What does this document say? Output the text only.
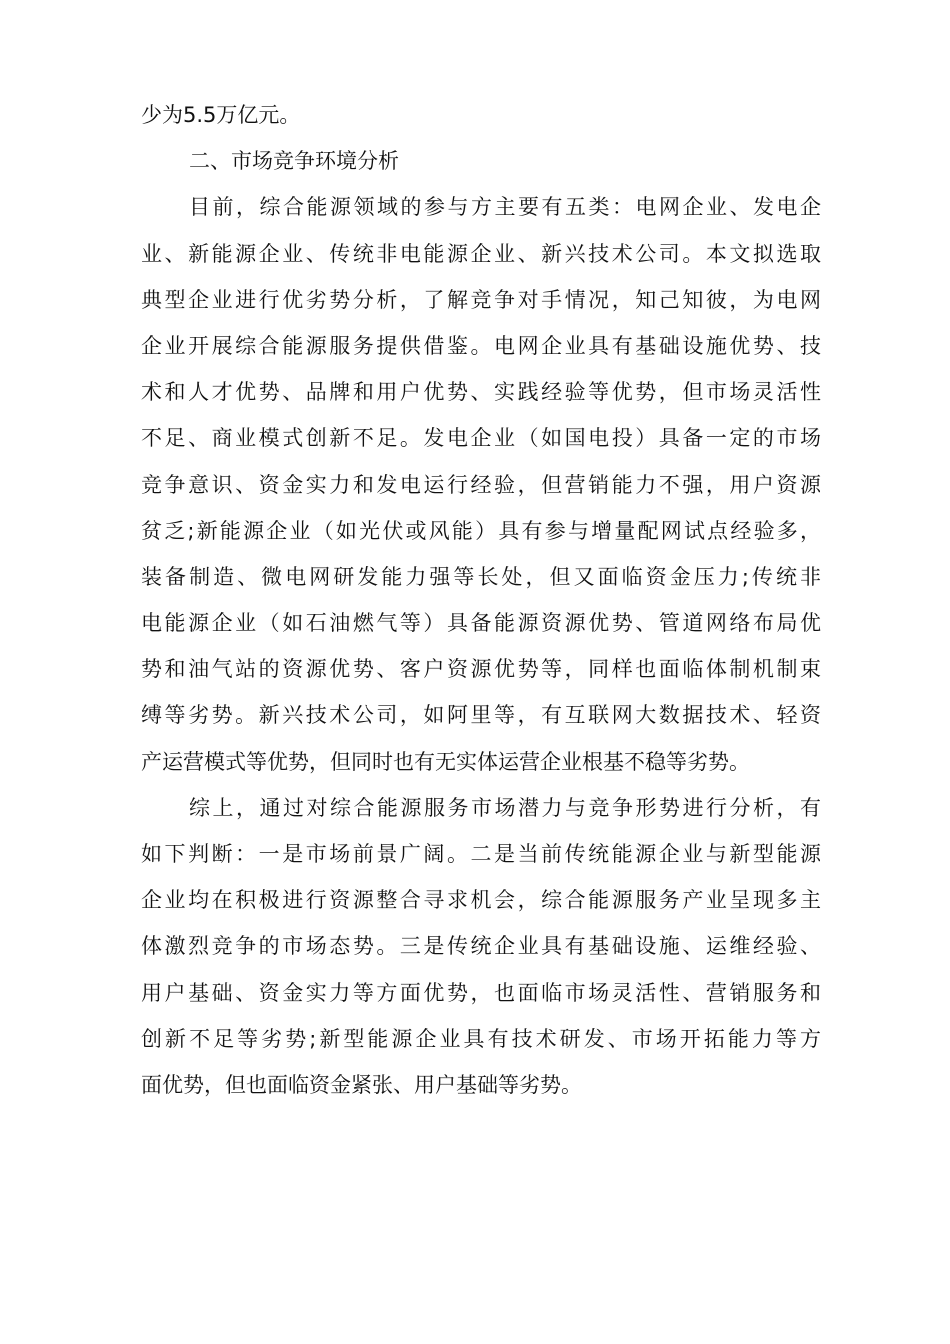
少为5.5万亿元。
二、市场竞争环境分析
目前，综合能源领域的参与方主要有五类：电网企业、发电企
业、新能源企业、传统非电能源企业、新兴技术公司。本文拟选取
典型企业进行优劣势分析，了解竞争对手情况，知己知彼，为电网
企业开展综合能源服务提供借鉴。电网企业具有基础设施优势、技
术和人才优势、品牌和用户优势、实践经验等优势，但市场灵活性
不足、商业模式创新不足。发电企业（如国电投）具备一定的市场
竞争意识、资金实力和发电运行经验，但营销能力不强，用户资源
贫乏;新能源企业（如光伏或风能）具有参与增量配网试点经验多，
装备制造、微电网研发能力强等长处，但又面临资金压力;传统非
电能源企业（如石油燃气等）具备能源资源优势、管道网络布局优
势和油气站的资源优势、客户资源优势等，同样也面临体制机制束
缚等劣势。新兴技术公司，如阿里等，有互联网大数据技术、轻资
产运营模式等优势，但同时也有无实体运营企业根基不稳等劣势。
综上，通过对综合能源服务市场潜力与竞争形势进行分析，有
如下判断：一是市场前景广阔。二是当前传统能源企业与新型能源
企业均在积极进行资源整合寻求机会，综合能源服务产业呈现多主
体激烈竞争的市场态势。三是传统企业具有基础设施、运维经验、
用户基础、资金实力等方面优势，也面临市场灵活性、营销服务和
创新不足等劣势;新型能源企业具有技术研发、市场开拓能力等方
面优势，但也面临资金紧张、用户基础等劣势。
